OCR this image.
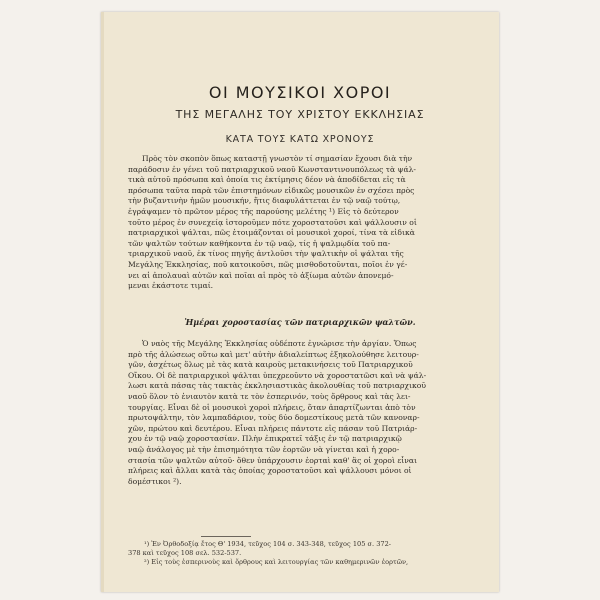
ΟΙ ΜΟΥΣΙΚΟΙ ΧΟΡΟΙ
ΤΗΣ ΜΕΓΑΛΗΣ ΤΟΥ ΧΡΙΣΤΟΥ ΕΚΚΛΗΣΙΑΣ
ΚΑΤΑ ΤΟΥΣ ΚΑΤΩ ΧΡΟΝΟΥΣ
Πρὸς τὸν σκοπὸν ὅπως καταστῇ γνωστὸν τί σημασίαν ἔχουσι διὰ τὴν
παράδοσιν ἐν γένει τοῦ πατριαρχικοῦ ναοῦ Κωνσταντινουπόλεως τὰ ψάλ-
τικὰ αὐτοῦ πρόσωπα καὶ ὁποία τις ἐκτίμησις δέον νὰ ἀποδίδεται εἰς τὰ
πρόσωπα ταῦτα παρὰ τῶν ἐπιστημόνων εἰδικῶς μουσικῶν ἐν σχέσει πρὸς
τὴν βυζαντινὴν ἡμῶν μουσικήν, ἥτις διαφυλάττεται ἐν τῷ ναῷ τούτῳ,
ἐγράψαμεν τὸ πρῶτον μέρος τῆς παρούσης μελέτης ¹) Εἰς τὸ δεύτερον
τοῦτο μέρος ἐν συνεχείᾳ ἱστοροῦμεν πότε χοροστατοῦσι καὶ ψάλλουσιν οἱ
πατριαρχικοὶ ψάλται, πῶς ἐτοιμάζονται οἱ μουσικοὶ χοροί, τίνα τὰ εἰδικὰ
τῶν ψαλτῶν τούτων καθήκοντα ἐν τῷ ναῷ, τίς ἡ ψαλμῳδία τοῦ πα-
τριαρχικοῦ ναοῦ, ἐκ τίνος πηγῆς ἀντλοῦσι τὴν ψαλτικὴν οἱ ψάλται τῆς
Μεγάλης Ἐκκλησίας, ποῦ κατοικοῦσι, πῶς μισθοδοτοῦνται, ποῖοι ἐν γέ-
νει αἱ ἀπολαυαὶ αὐτῶν καὶ ποῖαι αἱ πρὸς τὸ ἀξίωμα αὐτῶν ἀπονεμό-
μεναι ἐκάστοτε τιμαί.
Ἡμέραι χοροστασίας τῶν πατριαρχικῶν ψαλτῶν.
Ὁ ναὸς τῆς Μεγάλης Ἐκκλησίας οὐδέποτε ἐγνώρισε τὴν ἀργίαν. Ὅπως
πρὸ τῆς ἁλώσεως οὕτω καὶ μετ' αὐτὴν ἀδιαλείπτως ἐξηκολούθησε λειτουρ-
γῶν, ἀσχέτως ὅλως μὲ τὰς κατὰ καιροὺς μετακινήσεις τοῦ Πατριαρχικοῦ
Οἴκου. Οἱ δὲ πατριαρχικοὶ ψάλται ὑπεχρεοῦντο νὰ χοροστατῶσι καὶ νὰ ψάλ-
λωσι κατὰ πάσας τὰς τακτὰς ἐκκλησιαστικὰς ἀκολουθίας τοῦ πατριαρχικοῦ
ναοῦ ὅλον τὸ ἐνιαυτὸν κατὰ τε τὸν ἑσπερινόν, τοὺς ὄρθρους καὶ τὰς λει-
τουργίας. Εἶναι δὲ οἱ μουσικοὶ χοροὶ πλήρεις, ὅταν ἀπαρτίζωνται ἀπὸ τὸν
πρωτοψάλτην, τὸν λαμπαδάριον, τοὺς δύο δομεστίκους μετὰ τῶν κανοναρ-
χῶν, πρώτου καὶ δευτέρου. Εἶναι πλήρεις πάντοτε εἰς πάσαν τοῦ Πατριάρ-
χου ἐν τῷ ναῷ χοροστασίαν. Πλὴν ἐπικρατεῖ τάξις ἐν τῷ πατριαρχικῷ
ναῷ ἀνάλογος μὲ τὴν ἐπισημότητα τῶν ἑορτῶν νὰ γίνεται καὶ ἡ χορο-
στασία τῶν ψαλτῶν αὐτοῦ· ὅθεν ὑπάρχουσιν ἑορταὶ καθ' ἃς οἱ χοροὶ εἶναι
πλήρεις καὶ ἄλλαι κατὰ τὰς ὁποίας χοροστατοῦσι καὶ ψάλλουσι μόνοι οἱ
δομέστικοι ²).
¹) Ἐν Ὀρθοδοξίᾳ ἔτος Θ' 1934, τεῦχος 104 σ. 343-348, τεῦχος 105 σ. 372-
378 καὶ τεῦχος 108 σελ. 532-537.
²) Εἰς τοὺς ἑσπερινοὺς καὶ ὄρθρους καὶ λειτουργίας τῶν καθημερινῶν ἑορτῶν,
